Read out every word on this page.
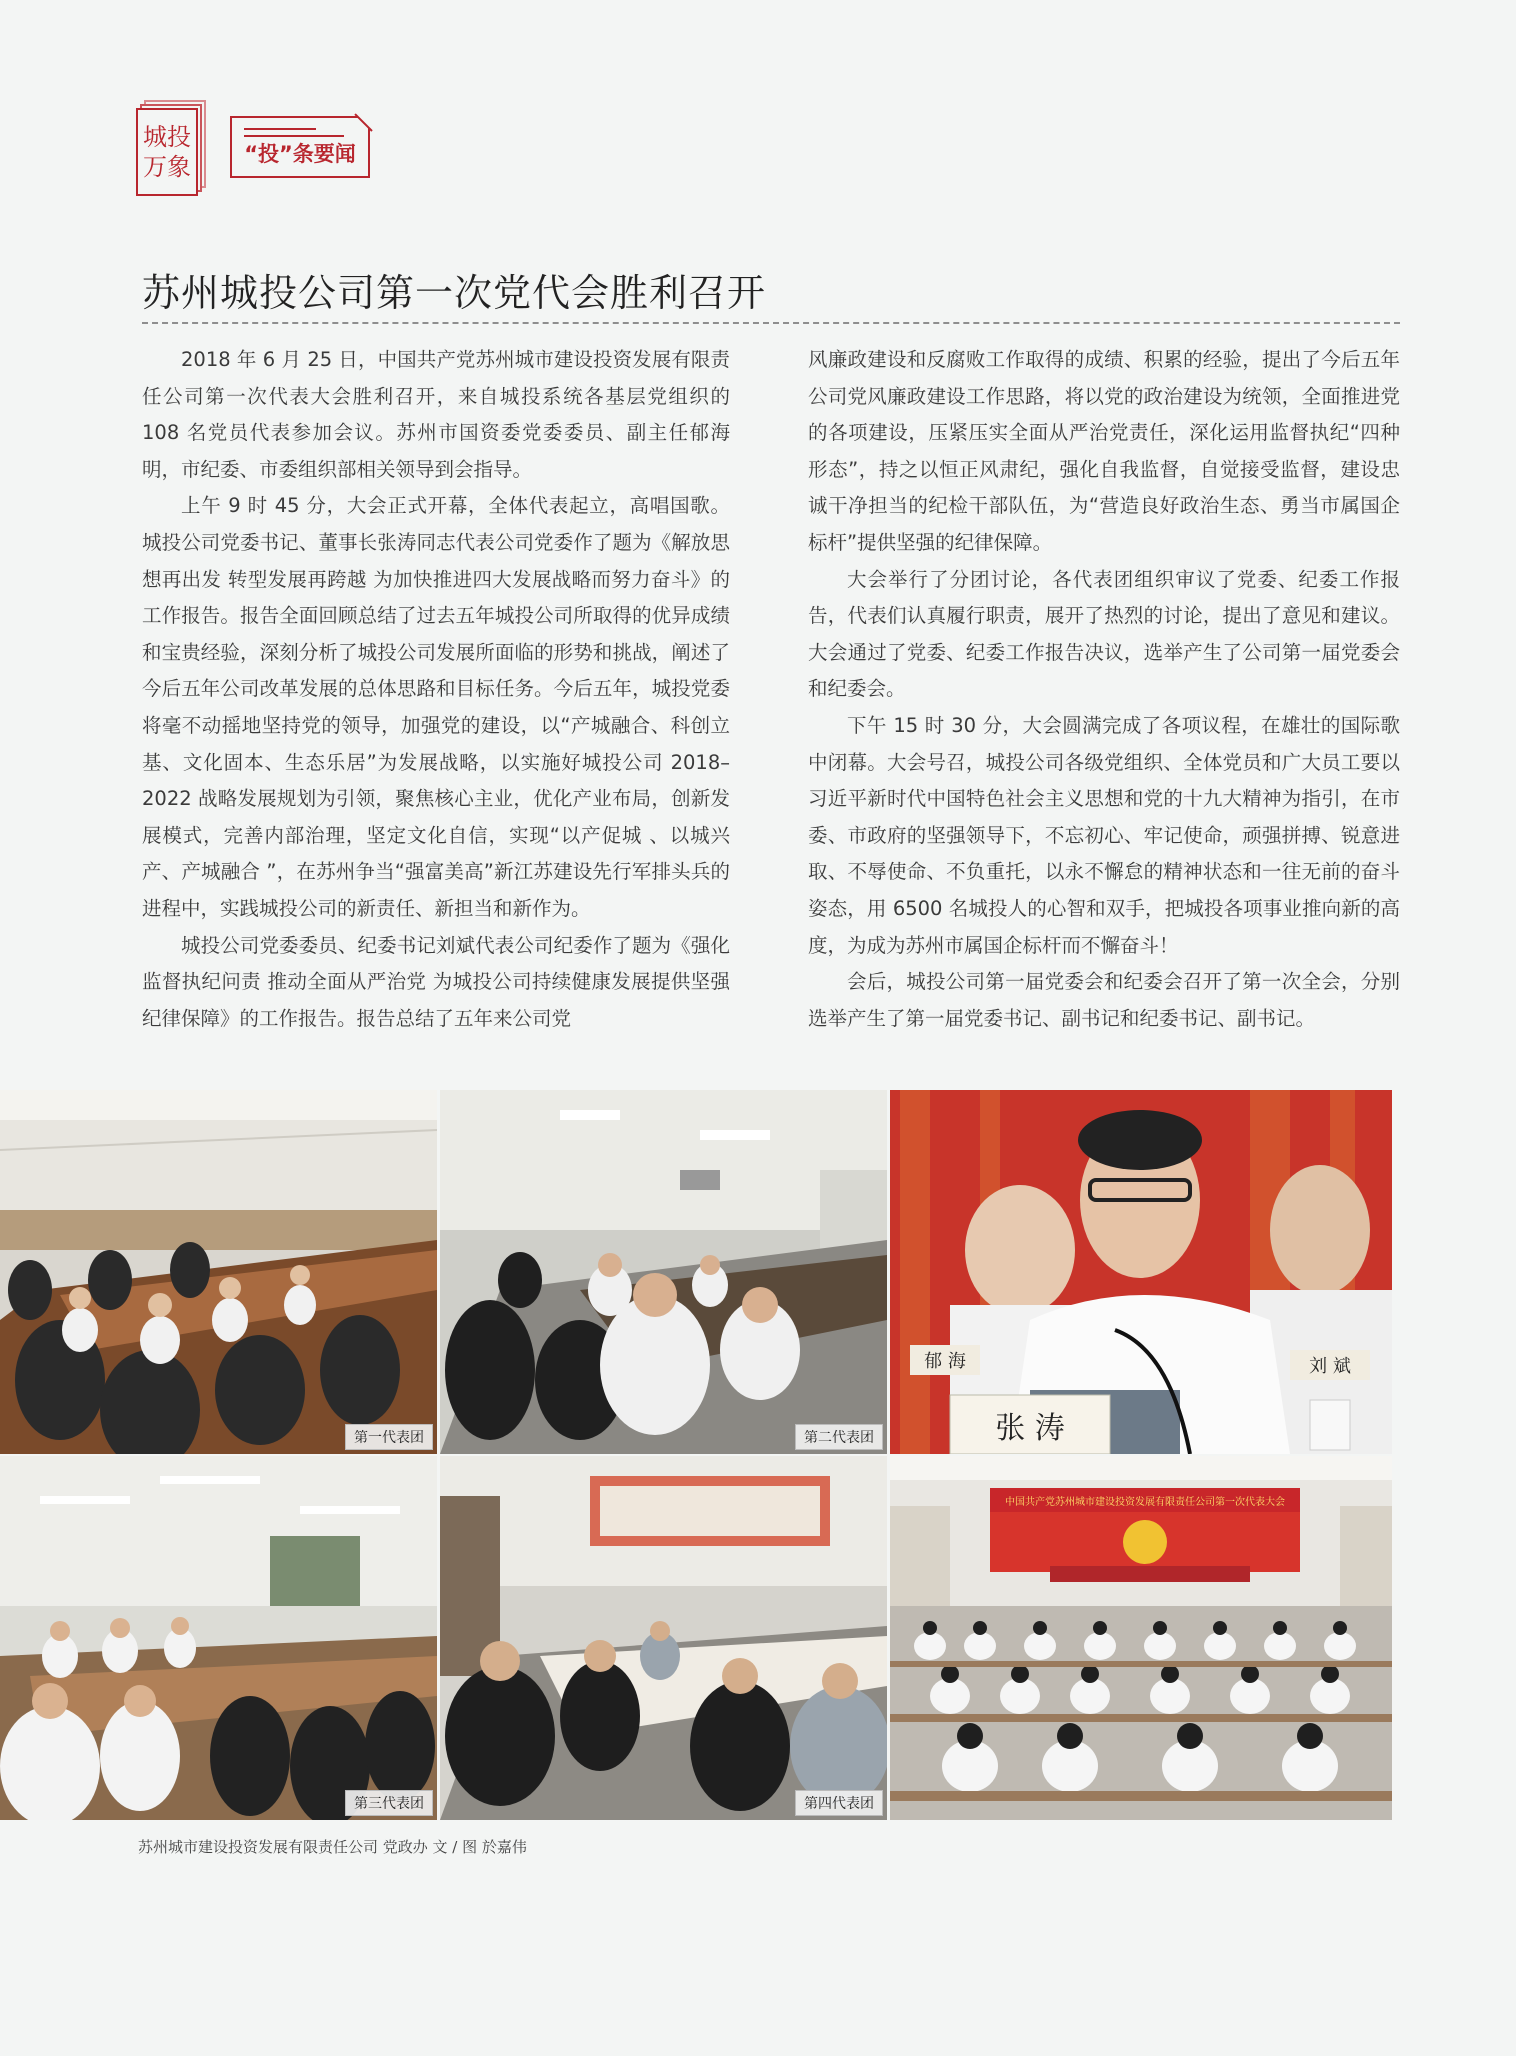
城投
万象	“投”条要闻
苏州城投公司第一次党代会胜利召开

2018 年 6 月 25 日，中国共产党苏州城市建设投资发展有限责任公司第一次代表大会胜利召开，来自城投系统各基层党组织的 108 名党员代表参加会议。苏州市国资委党委委员、副主任郁海明，市纪委、市委组织部相关领导到会指导。

上午 9 时 45 分，大会正式开幕，全体代表起立，高唱国歌。城投公司党委书记、董事长张涛同志代表公司党委作了题为《解放思想再出发 转型发展再跨越 为加快推进四大发展战略而努力奋斗》的工作报告。报告全面回顾总结了过去五年城投公司所取得的优异成绩和宝贵经验，深刻分析了城投公司发展所面临的形势和挑战，阐述了今后五年公司改革发展的总体思路和目标任务。今后五年，城投党委将毫不动摇地坚持党的领导，加强党的建设，以“产城融合、科创立基、文化固本、生态乐居”为发展战略，以实施好城投公司 2018–2022 战略发展规划为引领，聚焦核心主业，优化产业布局，创新发展模式，完善内部治理，坚定文化自信，实现“以产促城 、以城兴产、产城融合 ”，在苏州争当“强富美高”新江苏建设先行军排头兵的进程中，实践城投公司的新责任、新担当和新作为。

城投公司党委委员、纪委书记刘斌代表公司纪委作了题为《强化监督执纪问责 推动全面从严治党 为城投公司持续健康发展提供坚强纪律保障》的工作报告。报告总结了五年来公司党

风廉政建设和反腐败工作取得的成绩、积累的经验，提出了今后五年公司党风廉政建设工作思路，将以党的政治建设为统领，全面推进党的各项建设，压紧压实全面从严治党责任，深化运用监督执纪“四种形态”，持之以恒正风肃纪，强化自我监督，自觉接受监督，建设忠诚干净担当的纪检干部队伍，为“营造良好政治生态、勇当市属国企标杆”提供坚强的纪律保障。

大会举行了分团讨论，各代表团组织审议了党委、纪委工作报告，代表们认真履行职责，展开了热烈的讨论，提出了意见和建议。大会通过了党委、纪委工作报告决议，选举产生了公司第一届党委会和纪委会。

下午 15 时 30 分，大会圆满完成了各项议程，在雄壮的国际歌中闭幕。大会号召，城投公司各级党组织、全体党员和广大员工要以习近平新时代中国特色社会主义思想和党的十九大精神为指引，在市委、市政府的坚强领导下，不忘初心、牢记使命，顽强拼搏、锐意进取、不辱使命、不负重托，以永不懈怠的精神状态和一往无前的奋斗姿态，用 6500 名城投人的心智和双手，把城投各项事业推向新的高度，为成为苏州市属国企标杆而不懈奋斗！

会后，城投公司第一届党委会和纪委会召开了第一次全会，分别选举产生了第一届党委书记、副书记和纪委书记、副书记。

第一代表团	第二代表团	张 涛
郁 海	刘 斌
第三代表团	第四代表团
中国共产党苏州城市建设投资发展有限责任公司第一次代表大会
苏州城市建设投资发展有限责任公司 党政办 文 / 图 於嘉伟
